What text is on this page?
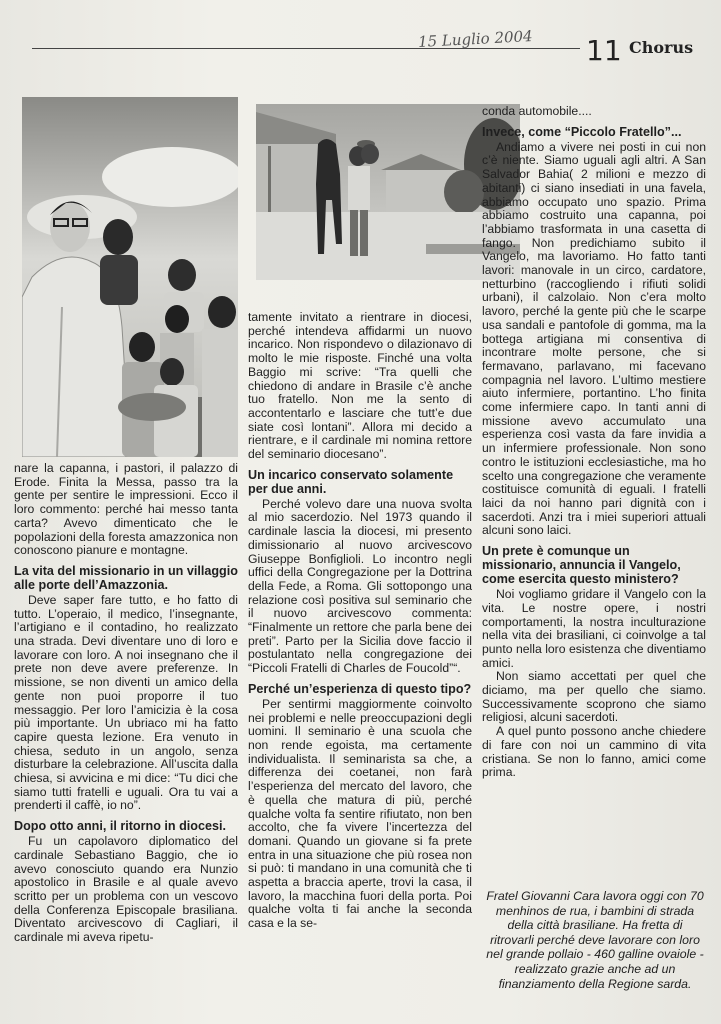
15 Luglio 2004 11 Chorus

nare la capanna, i pastori, il palazzo di Erode. Finita la Messa, passo tra la gente per sentire le impressioni. Ecco il loro commento: perché hai messo tanta carta? Avevo dimenticato che le popolazioni della foresta amazzonica non conoscono pianure e montagne.

La vita del missionario in un villaggio alle porte dell’Amazzonia.

Deve saper fare tutto, e ho fatto di tutto. L’operaio, il medico, l’insegnante, l’artigiano e il contadino, ho realizzato una strada. Devi diventare uno di loro e lavorare con loro. A noi insegnano che il prete non deve avere preferenze. In missione, se non diventi un amico della gente non puoi proporre il tuo messaggio. Per loro l’amicizia è la cosa più importante. Un ubriaco mi ha fatto capire questa lezione. Era venuto in chiesa, seduto in un angolo, senza disturbare la celebrazione. All’uscita dalla chiesa, si avvicina e mi dice: “Tu dici che siamo tutti fratelli e uguali. Ora tu vai a prenderti il caffè, io no”.

Dopo otto anni, il ritorno in diocesi.

Fu un capolavoro diplomatico del cardinale Sebastiano Baggio, che io avevo conosciuto quando era Nunzio apostolico in Brasile e al quale avevo scritto per un problema con un vescovo della Conferenza Episcopale brasiliana. Diventato arcivescovo di Cagliari, il cardinale mi aveva ripetu-

tamente invitato a rientrare in diocesi, perché intendeva affidarmi un nuovo incarico. Non rispondevo o dilazionavo di molto le mie risposte. Finché una volta Baggio mi scrive: “Tra quelli che chiedono di andare in Brasile c’è anche tuo fratello. Non me la sento di accontentarlo e lasciare che tutt’e due siate così lontani”. Allora mi decido a rientrare, e il cardinale mi nomina rettore del seminario diocesano”.

Un incarico conservato solamente per due anni.

Perché volevo dare una nuova svolta al mio sacerdozio. Nel 1973 quando il cardinale lascia la diocesi, mi presento dimissionario al nuovo arcivescovo Giuseppe Bonfiglioli. Lo incontro negli uffici della Congregazione per la Dottrina della Fede, a Roma. Gli sottopongo una relazione così positiva sul seminario che il nuovo arcivescovo commenta: “Finalmente un rettore che parla bene dei preti”. Parto per la Sicilia dove faccio il postulantato nella congregazione dei “Piccoli Fratelli di Charles de Foucold”“.

Perché un’esperienza di questo tipo?

Per sentirmi maggiormente coinvolto nei problemi e nelle preoccupazioni degli uomini. Il seminario è una scuola che non rende egoista, ma certamente individualista. Il seminarista sa che, a differenza dei coetanei, non farà l’esperienza del mercato del lavoro, che è quella che matura di più, perché qualche volta fa sentire rifiutato, non ben accolto, che fa vivere l’incertezza del domani. Quando un giovane si fa prete entra in una situazione che più rosea non si può: ti mandano in una comunità che ti aspetta a braccia aperte, trovi la casa, il lavoro, la macchina fuori della porta. Poi qualche volta ti fai anche la seconda casa e la se-

conda automobile....

Invece, come “Piccolo Fratello”...

Andiamo a vivere nei posti in cui non c’è niente. Siamo uguali agli altri. A San Salvador Bahia( 2 milioni e mezzo di abitanti) ci siano insediati in una favela, abbiamo occupato uno spazio. Prima abbiamo costruito una capanna, poi l’abbiamo trasformata in una casetta di fango. Non predichiamo subito il Vangelo, ma lavoriamo. Ho fatto tanti lavori: manovale in un circo, cardatore, netturbino (raccogliendo i rifiuti solidi urbani), il calzolaio. Non c’era molto lavoro, perché la gente più che le scarpe usa sandali e pantofole di gomma, ma la bottega artigiana mi consentiva di incontrare molte persone, che si fermavano, parlavano, mi facevano compagnia nel lavoro. L’ultimo mestiere aiuto infermiere, portantino. L’ho finita come infermiere capo. In tanti anni di missione avevo accumulato una esperienza così vasta da fare invidia a un infermiere professionale. Non sono contro le istituzioni ecclesiastiche, ma ho scelto una congregazione che veramente costituisce comunità di eguali. I fratelli laici da noi hanno pari dignità con i sacerdoti. Anzi tra i miei superiori attuali alcuni sono laici.

Un prete è comunque un missionario, annuncia il Vangelo, come esercita questo ministero?

Noi vogliamo gridare il Vangelo con la vita. Le nostre opere, i nostri comportamenti, la nostra inculturazione nella vita dei brasiliani, ci coinvolge a tal punto nella loro esistenza che diventiamo amici.

Non siamo accettati per quel che diciamo, ma per quello che siamo. Successivamente scoprono che siamo religiosi, alcuni sacerdoti.

A quel punto possono anche chiedere di fare con noi un cammino di vita cristiana. Se non lo fanno, amici come prima.

Fratel Giovanni Cara lavora oggi con 70 menhinos de rua, i bambini di strada della città brasiliane. Ha fretta di ritrovarli perché deve lavorare con loro nel grande pollaio - 460 galline ovaiole - realizzato grazie anche ad un finanziamento della Regione sarda.
